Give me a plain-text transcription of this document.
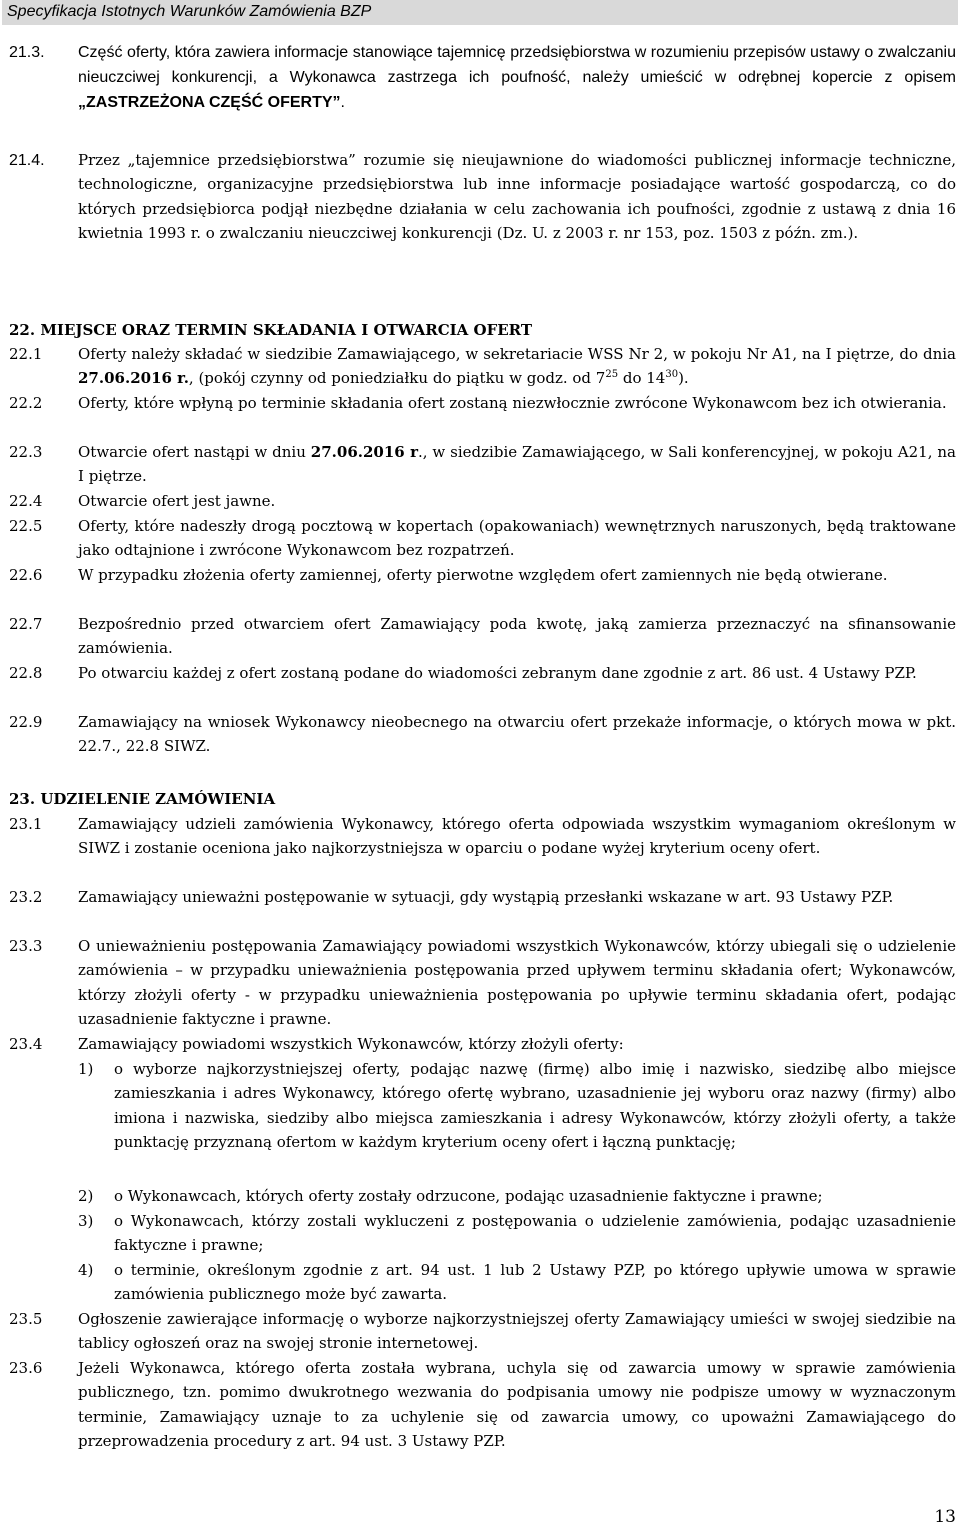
Specyfikacja Istotnych Warunków Zamówienia BZP
21.3. Część oferty, która zawiera informacje stanowiące tajemnicę przedsiębiorstwa w rozumieniu przepisów ustawy o zwalczaniu nieuczciwej konkurencji, a Wykonawca zastrzega ich poufność, należy umieścić w odrębnej kopercie z opisem „ZASTRZEŻONA CZĘŚĆ OFERTY”.
21.4. Przez „tajemnice przedsiębiorstwa” rozumie się nieujawnione do wiadomości publicznej informacje techniczne, technologiczne, organizacyjne przedsiębiorstwa lub inne informacje posiadające wartość gospodarczą, co do których przedsiębiorca podjął niezbędne działania w celu zachowania ich poufności, zgodnie z ustawą z dnia 16 kwietnia 1993 r. o zwalczaniu nieuczciwej konkurencji (Dz. U. z 2003 r. nr 153, poz. 1503 z późn. zm.).
22. MIEJSCE ORAZ TERMIN SKŁADANIA I OTWARCIA OFERT
22.1 Oferty należy składać w siedzibie Zamawiającego, w sekretariacie WSS Nr 2, w pokoju Nr A1, na I piętrze, do dnia 27.06.2016 r., (pokój czynny od poniedziałku do piątku w godz. od $7^{25}$ do $14^{30}$).
22.2 Oferty, które wpłyną po terminie składania ofert zostaną niezwłocznie zwrócone Wykonawcom bez ich otwierania.
22.3 Otwarcie ofert nastąpi w dniu 27.06.2016 r., w siedzibie Zamawiającego, w Sali konferencyjnej, w pokoju A21, na I piętrze.
22.4 Otwarcie ofert jest jawne.
22.5 Oferty, które nadeszły drogą pocztową w kopertach (opakowaniach) wewnętrznych naruszonych, będą traktowane jako odtajnione i zwrócone Wykonawcom bez rozpatrzeń.
22.6 W przypadku złożenia oferty zamiennej, oferty pierwotne względem ofert zamiennych nie będą otwierane.
22.7 Bezpośrednio przed otwarciem ofert Zamawiający poda kwotę, jaką zamierza przeznaczyć na sfinansowanie zamówienia.
22.8 Po otwarciu każdej z ofert zostaną podane do wiadomości zebranym dane zgodnie z art. 86 ust. 4 Ustawy PZP.
22.9 Zamawiający na wniosek Wykonawcy nieobecnego na otwarciu ofert przekaże informacje, o których mowa w pkt. 22.7., 22.8 SIWZ.
23. UDZIELENIE ZAMÓWIENIA
23.1 Zamawiający udzieli zamówienia Wykonawcy, którego oferta odpowiada wszystkim wymaganiom określonym w SIWZ i zostanie oceniona jako najkorzystniejsza w oparciu o podane wyżej kryterium oceny ofert.
23.2 Zamawiający unieważni postępowanie w sytuacji, gdy wystąpią przesłanki wskazane w art. 93 Ustawy PZP.
23.3 O unieważnieniu postępowania Zamawiający powiadomi wszystkich Wykonawców, którzy ubiegali się o udzielenie zamówienia – w przypadku unieważnienia postępowania przed upływem terminu składania ofert; Wykonawców, którzy złożyli oferty - w przypadku unieważnienia postępowania po upływie terminu składania ofert, podając uzasadnienie faktyczne i prawne.
23.4 Zamawiający powiadomi wszystkich Wykonawców, którzy złożyli oferty:
1) o wyborze najkorzystniejszej oferty, podając nazwę (firmę) albo imię i nazwisko, siedzibę albo miejsce zamieszkania i adres Wykonawcy, którego ofertę wybrano, uzasadnienie jej wyboru oraz nazwy (firmy) albo imiona i nazwiska, siedziby albo miejsca zamieszkania i adresy Wykonawców, którzy złożyli oferty, a także punktację przyznaną ofertom w każdym kryterium oceny ofert i łączną punktację;
2) o Wykonawcach, których oferty zostały odrzucone, podając uzasadnienie faktyczne i prawne;
3) o Wykonawcach, którzy zostali wykluczeni z postępowania o udzielenie zamówienia, podając uzasadnienie faktyczne i prawne;
4) o terminie, określonym zgodnie z art. 94 ust. 1 lub 2 Ustawy PZP, po którego upływie umowa w sprawie zamówienia publicznego może być zawarta.
23.5 Ogłoszenie zawierające informację o wyborze najkorzystniejszej oferty Zamawiający umieści w swojej siedzibie na tablicy ogłoszeń oraz na swojej stronie internetowej.
23.6 Jeżeli Wykonawca, którego oferta została wybrana, uchyla się od zawarcia umowy w sprawie zamówienia publicznego, tzn. pomimo dwukrotnego wezwania do podpisania umowy nie podpisze umowy w wyznaczonym terminie, Zamawiający uznaje to za uchylenie się od zawarcia umowy, co upoważni Zamawiającego do przeprowadzenia procedury z art. 94 ust. 3 Ustawy PZP.
13
